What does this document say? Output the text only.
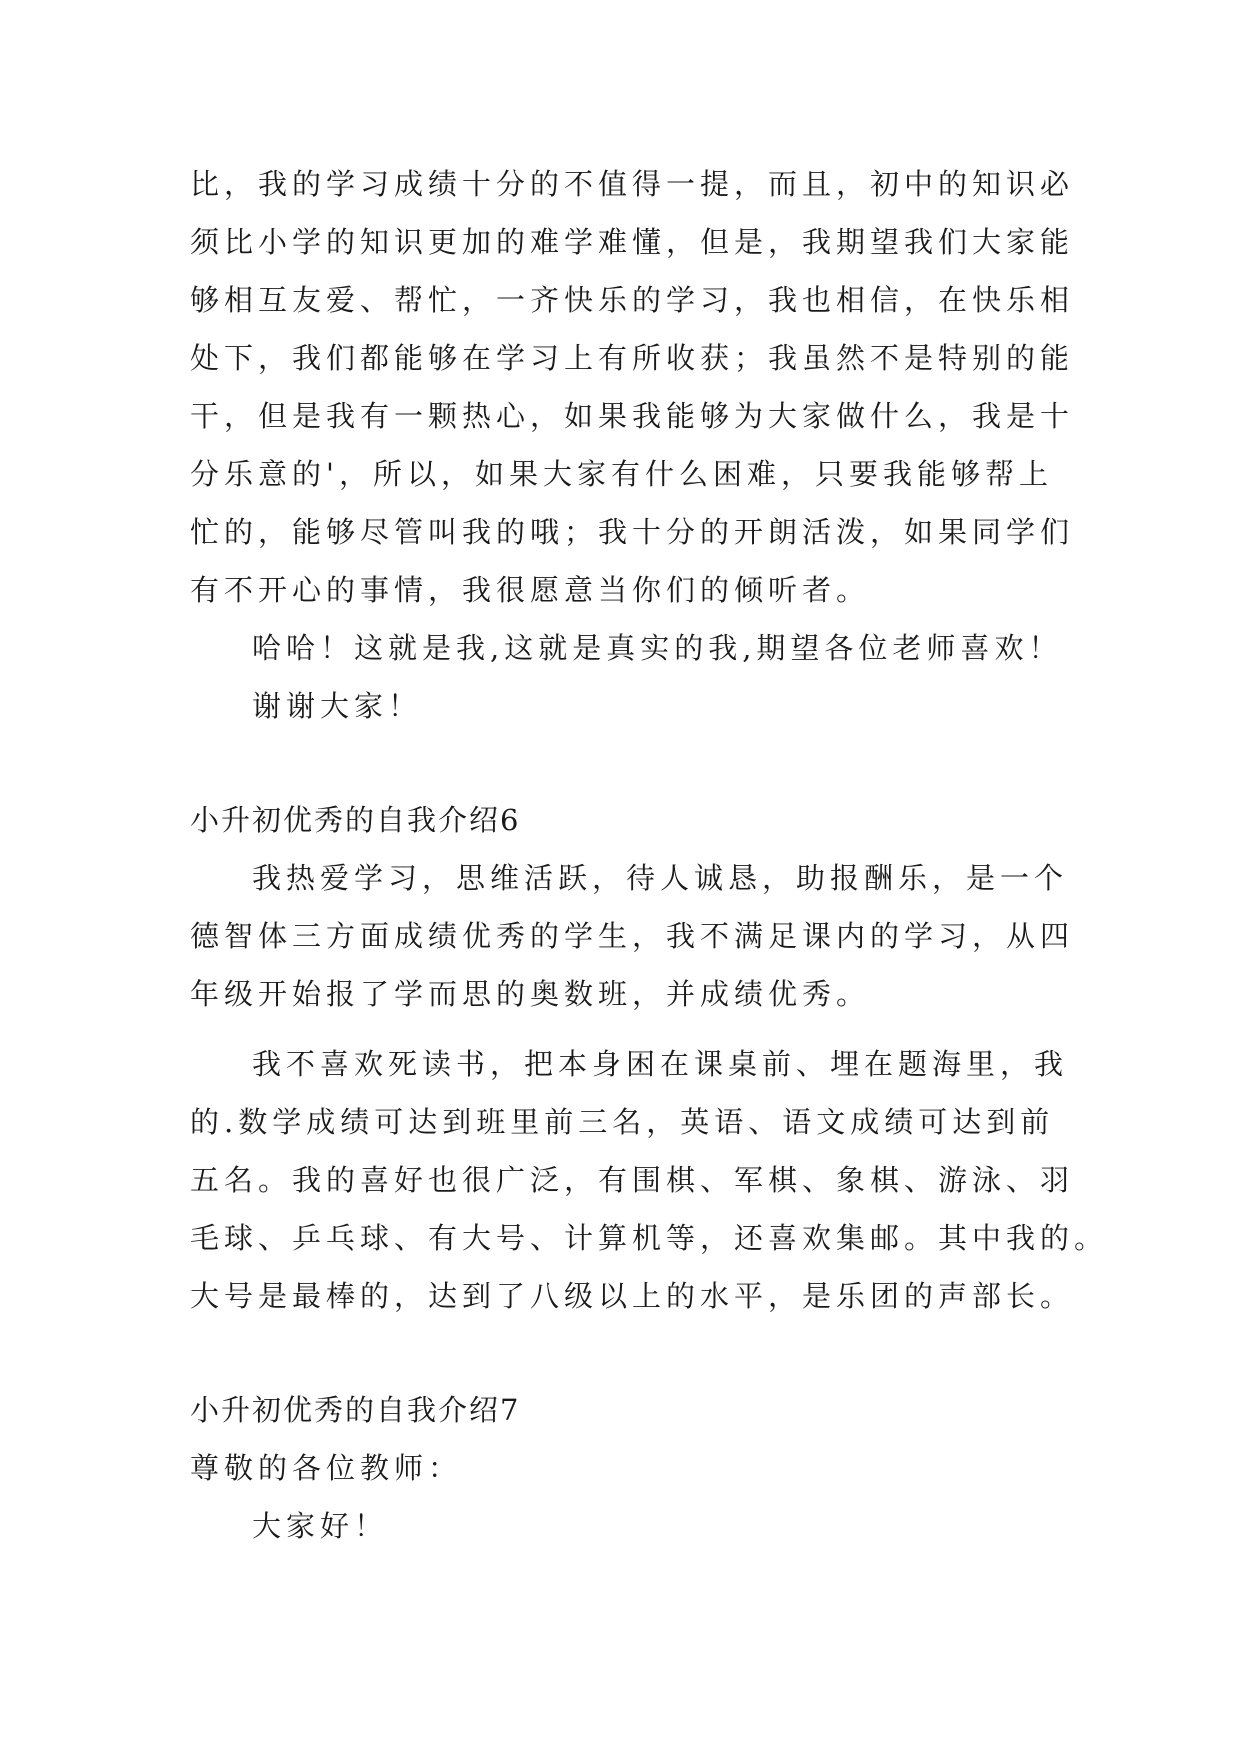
比，我的学习成绩十分的不值得一提，而且，初中的知识必
须比小学的知识更加的难学难懂，但是，我期望我们大家能
够相互友爱、帮忙，一齐快乐的学习，我也相信，在快乐相
处下，我们都能够在学习上有所收获；我虽然不是特别的能
干，但是我有一颗热心，如果我能够为大家做什么，我是十
分乐意的'，所以，如果大家有什么困难，只要我能够帮上
忙的，能够尽管叫我的哦；我十分的开朗活泼，如果同学们
有不开心的事情，我很愿意当你们的倾听者。
哈哈！这就是我,这就是真实的我,期望各位老师喜欢！
谢谢大家！
小升初优秀的自我介绍6
我热爱学习，思维活跃，待人诚恳，助报酬乐，是一个
德智体三方面成绩优秀的学生，我不满足课内的学习，从四
年级开始报了学而思的奥数班，并成绩优秀。
我不喜欢死读书，把本身困在课桌前、埋在题海里，我
的.数学成绩可达到班里前三名，英语、语文成绩可达到前
五名。我的喜好也很广泛，有围棋、军棋、象棋、游泳、羽
毛球、乒乓球、有大号、计算机等，还喜欢集邮。其中我的。
大号是最棒的，达到了八级以上的水平，是乐团的声部长。
小升初优秀的自我介绍7
尊敬的各位教师：
大家好！
